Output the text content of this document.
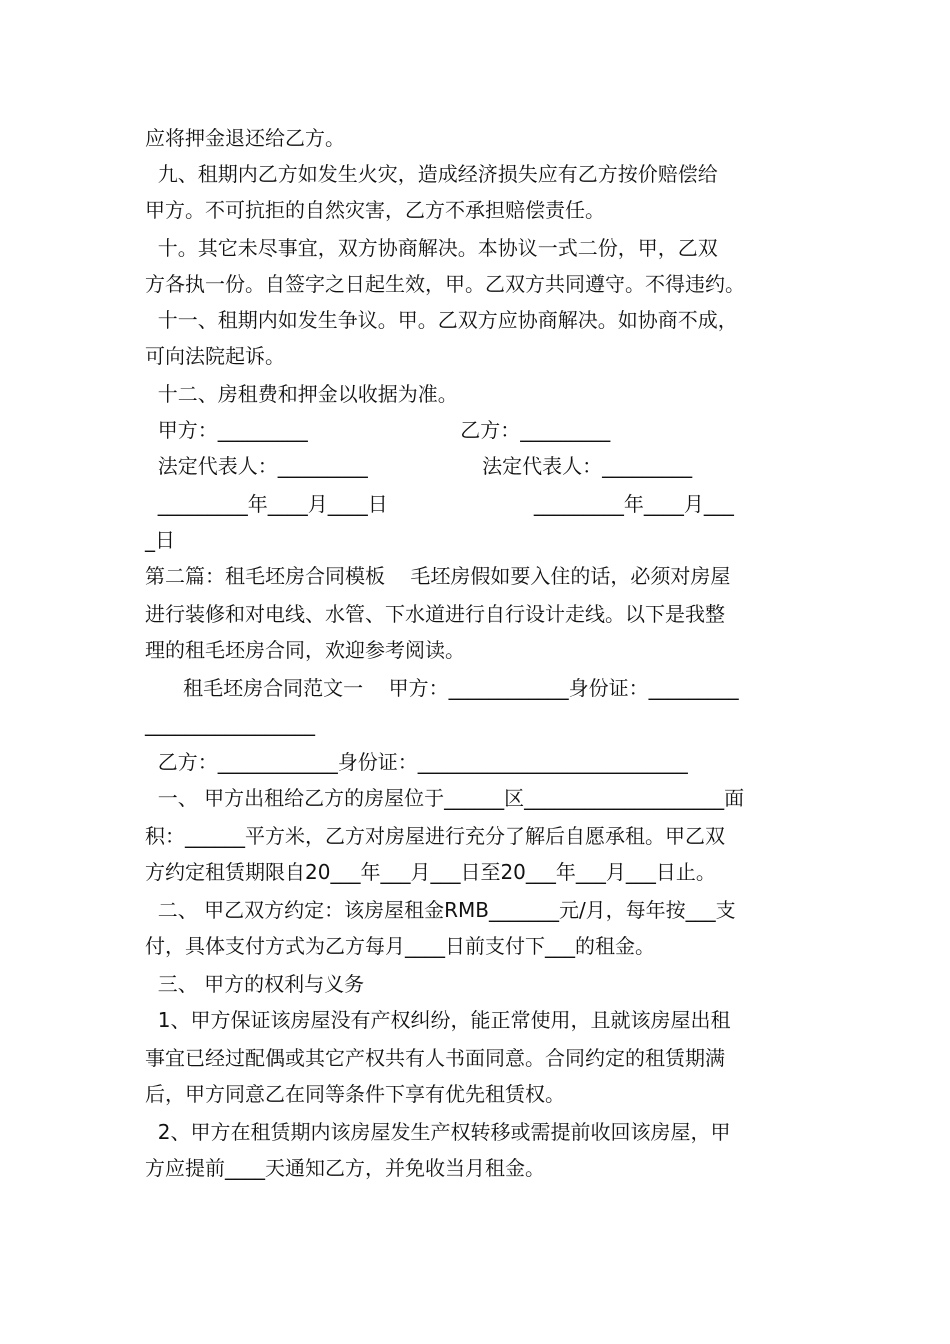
应将押金退还给乙方。
九、租期内乙方如发生火灾，造成经济损失应有乙方按价赔偿给
甲方。不可抗拒的自然灾害，乙方不承担赔偿责任。
十。其它未尽事宜，双方协商解决。本协议一式二份，甲，乙双
方各执一份。自签字之日起生效，甲。乙双方共同遵守。不得违约。
十一、租期内如发生争议。甲。乙双方应协商解决。如协商不成，
可向法院起诉。
十二、房租费和押金以收据为准。
甲方：_________                        乙方：_________
法定代表人：_________                  法定代表人：_________
_________年____月____日                       _________年____月___
_日
第二篇：租毛坯房合同模板    毛坯房假如要入住的话，必须对房屋
进行装修和对电线、水管、下水道进行自行设计走线。以下是我整
理的租毛坯房合同，欢迎参考阅读。
租毛坯房合同范文一    甲方：____________身份证：_________
_________________
乙方：____________身份证：___________________________
一、 甲方出租给乙方的房屋位于______区____________________面
积：______平方米，乙方对房屋进行充分了解后自愿承租。甲乙双
方约定租赁期限自20___年___月___日至20___年___月___日止。
二、 甲乙双方约定：该房屋租金RMB_______元/月，每年按___支
付，具体支付方式为乙方每月____日前支付下___的租金。
三、 甲方的权利与义务
1、甲方保证该房屋没有产权纠纷，能正常使用，且就该房屋出租
事宜已经过配偶或其它产权共有人书面同意。合同约定的租赁期满
后，甲方同意乙在同等条件下享有优先租赁权。
2、甲方在租赁期内该房屋发生产权转移或需提前收回该房屋，甲
方应提前____天通知乙方，并免收当月租金。
